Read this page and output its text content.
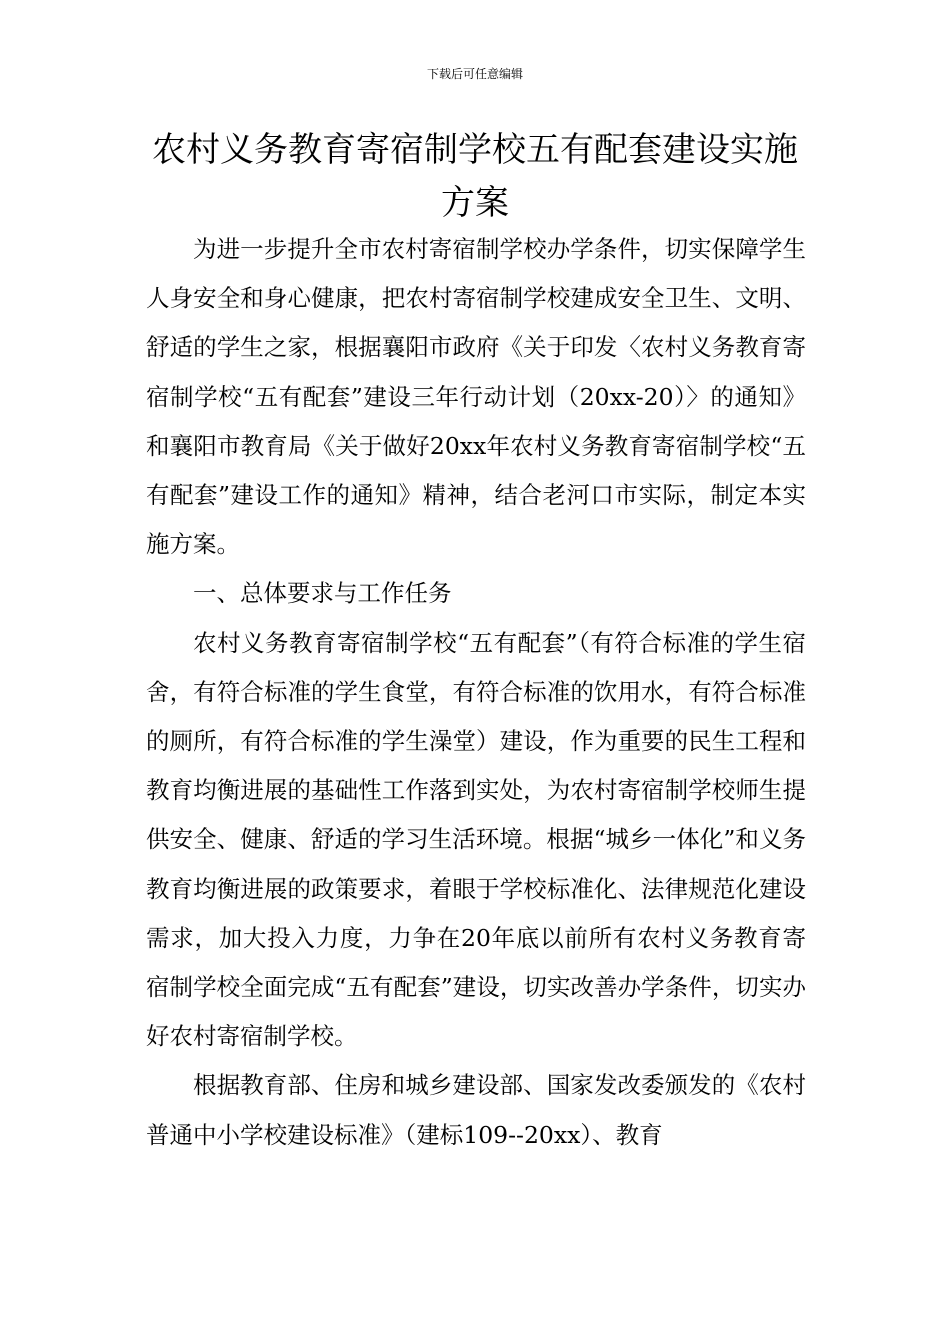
下载后可任意编辑
农村义务教育寄宿制学校五有配套建设实施方案

为进一步提升全市农村寄宿制学校办学条件，切实保障学生人身安全和身心健康，把农村寄宿制学校建成安全卫生、文明、舒适的学生之家，根据襄阳市政府《关于印发〈农村义务教育寄宿制学校“五有配套”建设三年行动计划（20xx-20）〉的通知》和襄阳市教育局《关于做好20xx年农村义务教育寄宿制学校“五有配套”建设工作的通知》精神，结合老河口市实际，制定本实施方案。

一、总体要求与工作任务

农村义务教育寄宿制学校“五有配套”（有符合标准的学生宿舍，有符合标准的学生食堂，有符合标准的饮用水，有符合标准的厕所，有符合标准的学生澡堂）建设，作为重要的民生工程和教育均衡进展的基础性工作落到实处，为农村寄宿制学校师生提供安全、健康、舒适的学习生活环境。根据“城乡一体化”和义务教育均衡进展的政策要求，着眼于学校标准化、法律规范化建设需求，加大投入力度，力争在20年底以前所有农村义务教育寄宿制学校全面完成“五有配套”建设，切实改善办学条件，切实办好农村寄宿制学校。

根据教育部、住房和城乡建设部、国家发改委颁发的《农村普通中小学校建设标准》（建标109--20xx）、教育
